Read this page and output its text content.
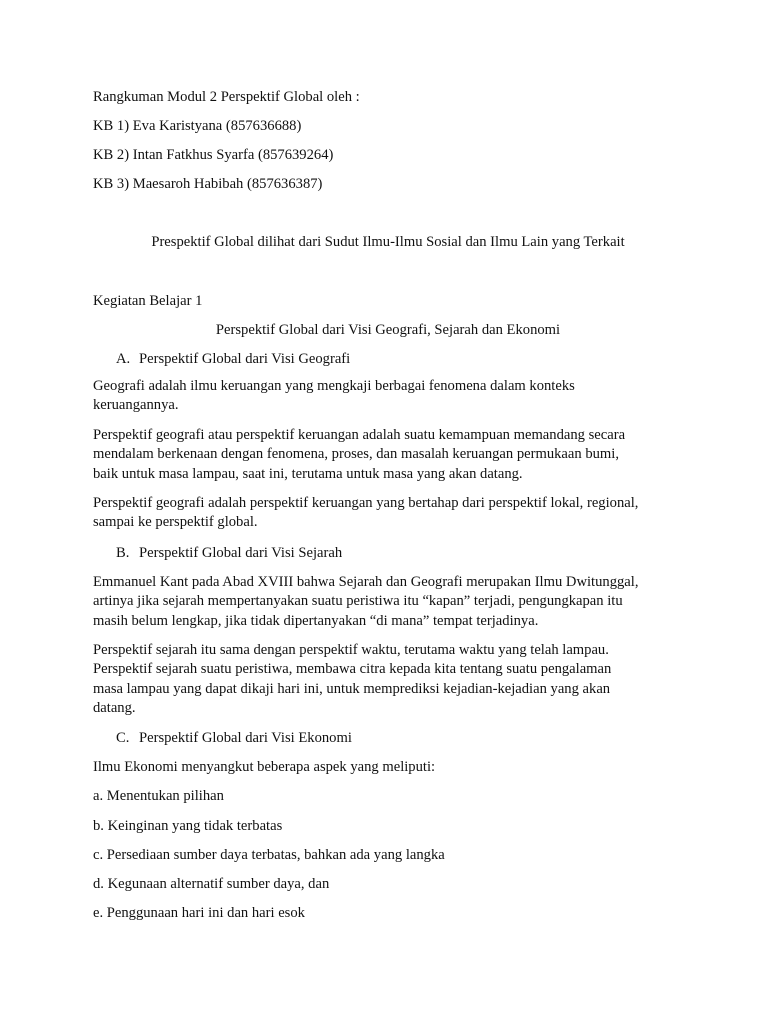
Rangkuman Modul 2 Perspektif Global oleh :
KB 1) Eva Karistyana (857636688)
KB 2) Intan Fatkhus Syarfa (857639264)
KB 3) Maesaroh Habibah (857636387)
Prespektif Global dilihat dari Sudut Ilmu-Ilmu Sosial dan Ilmu Lain yang Terkait
Kegiatan Belajar 1
Perspektif Global dari Visi Geografi, Sejarah dan Ekonomi
A. Perspektif Global dari Visi Geografi
Geografi adalah ilmu keruangan yang mengkaji berbagai fenomena dalam konteks
keruangannya.
Perspektif geografi atau perspektif keruangan adalah suatu kemampuan memandang secara
mendalam berkenaan dengan fenomena, proses, dan masalah keruangan permukaan bumi,
baik untuk masa lampau, saat ini, terutama untuk masa yang akan datang.
Perspektif geografi adalah perspektif keruangan yang bertahap dari perspektif lokal, regional,
sampai ke perspektif global.
B. Perspektif Global dari Visi Sejarah
Emmanuel Kant pada Abad XVIII bahwa Sejarah dan Geografi merupakan Ilmu Dwitunggal,
artinya jika sejarah mempertanyakan suatu peristiwa itu “kapan” terjadi, pengungkapan itu
masih belum lengkap, jika tidak dipertanyakan “di mana” tempat terjadinya.
Perspektif sejarah itu sama dengan perspektif waktu, terutama waktu yang telah lampau.
Perspektif sejarah suatu peristiwa, membawa citra kepada kita tentang suatu pengalaman
masa lampau yang dapat dikaji hari ini, untuk memprediksi kejadian-kejadian yang akan
datang.
C. Perspektif Global dari Visi Ekonomi
Ilmu Ekonomi menyangkut beberapa aspek yang meliputi:
a. Menentukan pilihan
b. Keinginan yang tidak terbatas
c. Persediaan sumber daya terbatas, bahkan ada yang langka
d. Kegunaan alternatif sumber daya, dan
e. Penggunaan hari ini dan hari esok
